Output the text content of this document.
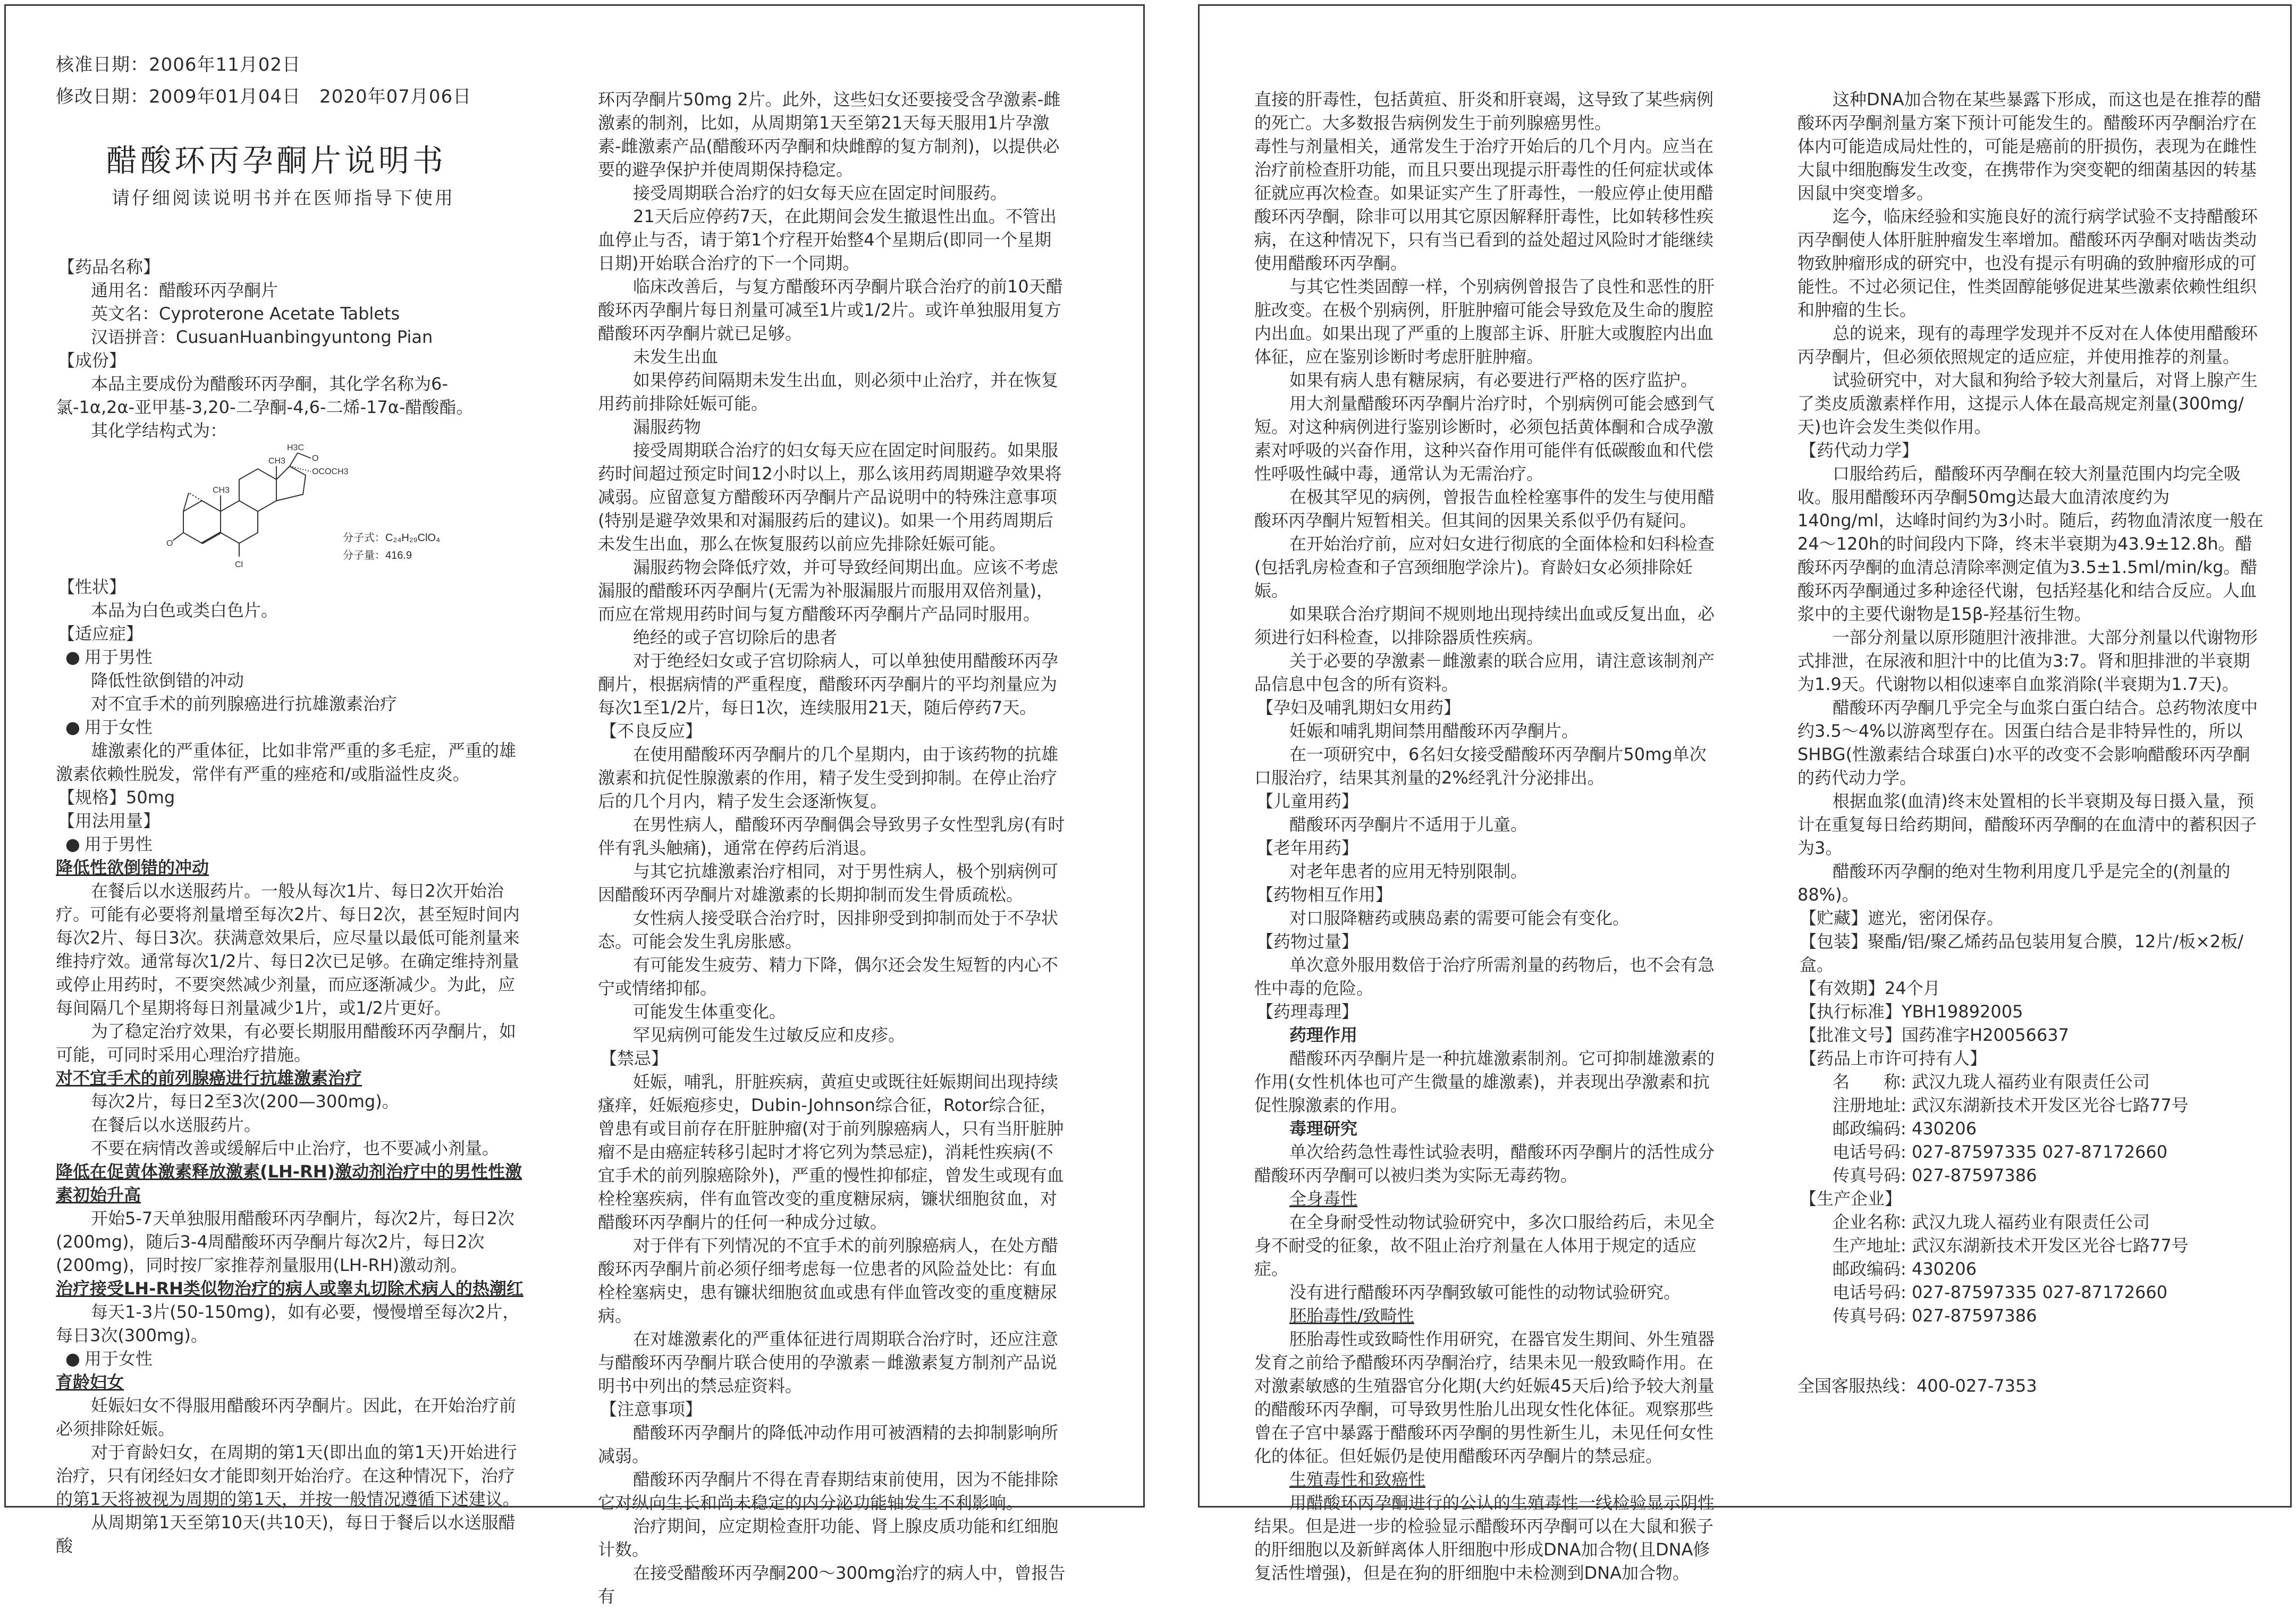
核准日期：2006年11月02日
修改日期：2009年01月04日　2020年07月06日
醋酸环丙孕酮片说明书
请仔细阅读说明书并在医师指导下使用
【药品名称】
通用名：醋酸环丙孕酮片
英文名：Cyproterone Acetate Tablets
汉语拼音：CusuanHuanbingyuntong Pian
【成份】
本品主要成份为醋酸环丙孕酮，其化学名称为6-氯-1α,2α-亚甲基-3,20-二孕酮-4,6-二烯-17α-醋酸酯。
其化学结构式为：
O
Cl
CH3
CH3
H3C
O
OCOCH3
分子式：C₂₄H₂₉ClO₄
分子量：416.9
【性状】
本品为白色或类白色片。
【适应症】
● 用于男性
降低性欲倒错的冲动
对不宜手术的前列腺癌进行抗雄激素治疗
● 用于女性
雄激素化的严重体征，比如非常严重的多毛症，严重的雄激素依赖性脱发，常伴有严重的痤疮和/或脂溢性皮炎。
【规格】50mg
【用法用量】
● 用于男性
降低性欲倒错的冲动
在餐后以水送服药片。一般从每次1片、每日2次开始治疗。可能有必要将剂量增至每次2片、每日2次，甚至短时间内每次2片、每日3次。获满意效果后，应尽量以最低可能剂量来维持疗效。通常每次1/2片、每日2次已足够。在确定维持剂量或停止用药时，不要突然减少剂量，而应逐渐减少。为此，应每间隔几个星期将每日剂量减少1片，或1/2片更好。
为了稳定治疗效果，有必要长期服用醋酸环丙孕酮片，如可能，可同时采用心理治疗措施。
对不宜手术的前列腺癌进行抗雄激素治疗
每次2片，每日2至3次(200—300mg)。
在餐后以水送服药片。
不要在病情改善或缓解后中止治疗，也不要减小剂量。
降低在促黄体激素释放激素(LH-RH)激动剂治疗中的男性性激素初始升高
开始5-7天单独服用醋酸环丙孕酮片，每次2片，每日2次(200mg)，随后3-4周醋酸环丙孕酮片每次2片，每日2次(200mg)，同时按厂家推荐剂量服用(LH-RH)激动剂。
治疗接受LH-RH类似物治疗的病人或睾丸切除术病人的热潮红
每天1-3片(50-150mg)，如有必要，慢慢增至每次2片，每日3次(300mg)。
● 用于女性
育龄妇女
妊娠妇女不得服用醋酸环丙孕酮片。因此，在开始治疗前必须排除妊娠。
对于育龄妇女，在周期的第1天(即出血的第1天)开始进行治疗，只有闭经妇女才能即刻开始治疗。在这种情况下，治疗的第1天将被视为周期的第1天，并按一般情况遵循下述建议。
从周期第1天至第10天(共10天)，每日于餐后以水送服醋酸
环丙孕酮片50mg 2片。此外，这些妇女还要接受含孕激素-雌激素的制剂，比如，从周期第1天至第21天每天服用1片孕激素-雌激素产品(醋酸环丙孕酮和炔雌醇的复方制剂)，以提供必要的避孕保护并使周期保持稳定。
接受周期联合治疗的妇女每天应在固定时间服药。
21天后应停药7天，在此期间会发生撤退性出血。不管出血停止与否，请于第1个疗程开始整4个星期后(即同一个星期日期)开始联合治疗的下一个同期。
临床改善后，与复方醋酸环丙孕酮片联合治疗的前10天醋酸环丙孕酮片每日剂量可减至1片或1/2片。或许单独服用复方醋酸环丙孕酮片就已足够。
未发生出血
如果停药间隔期未发生出血，则必须中止治疗，并在恢复用药前排除妊娠可能。
漏服药物
接受周期联合治疗的妇女每天应在固定时间服药。如果服药时间超过预定时间12小时以上，那么该用药周期避孕效果将减弱。应留意复方醋酸环丙孕酮片产品说明中的特殊注意事项(特别是避孕效果和对漏服药后的建议)。如果一个用药周期后未发生出血，那么在恢复服药以前应先排除妊娠可能。
漏服药物会降低疗效，并可导致经间期出血。应该不考虑漏服的醋酸环丙孕酮片(无需为补服漏服片而服用双倍剂量)，而应在常规用药时间与复方醋酸环丙孕酮片产品同时服用。
绝经的或子宫切除后的患者
对于绝经妇女或子宫切除病人，可以单独使用醋酸环丙孕酮片，根据病情的严重程度，醋酸环丙孕酮片的平均剂量应为每次1至1/2片，每日1次，连续服用21天，随后停药7天。
【不良反应】
在使用醋酸环丙孕酮片的几个星期内，由于该药物的抗雄激素和抗促性腺激素的作用，精子发生受到抑制。在停止治疗后的几个月内，精子发生会逐渐恢复。
在男性病人，醋酸环丙孕酮偶会导致男子女性型乳房(有时伴有乳头触痛)，通常在停药后消退。
与其它抗雄激素治疗相同，对于男性病人，极个别病例可因醋酸环丙孕酮片对雄激素的长期抑制而发生骨质疏松。
女性病人接受联合治疗时，因排卵受到抑制而处于不孕状态。可能会发生乳房胀感。
有可能发生疲劳、精力下降，偶尔还会发生短暂的内心不宁或情绪抑郁。
可能发生体重变化。
罕见病例可能发生过敏反应和皮疹。
【禁忌】
妊娠，哺乳，肝脏疾病，黄疸史或既往妊娠期间出现持续瘙痒，妊娠疱疹史，Dubin-Johnson综合征，Rotor综合征，曾患有或目前存在肝脏肿瘤(对于前列腺癌病人，只有当肝脏肿瘤不是由癌症转移引起时才将它列为禁忌症)，消耗性疾病(不宜手术的前列腺癌除外)，严重的慢性抑郁症，曾发生或现有血栓栓塞疾病，伴有血管改变的重度糖尿病，镰状细胞贫血，对醋酸环丙孕酮片的任何一种成分过敏。
对于伴有下列情况的不宜手术的前列腺癌病人，在处方醋酸环丙孕酮片前必须仔细考虑每一位患者的风险益处比：有血栓栓塞病史，患有镰状细胞贫血或患有伴血管改变的重度糖尿病。
在对雄激素化的严重体征进行周期联合治疗时，还应注意与醋酸环丙孕酮片联合使用的孕激素－雌激素复方制剂产品说明书中列出的禁忌症资料。
【注意事项】
醋酸环丙孕酮片的降低冲动作用可被酒精的去抑制影响所减弱。
醋酸环丙孕酮片不得在青春期结束前使用，因为不能排除它对纵向生长和尚未稳定的内分泌功能轴发生不利影响。
治疗期间，应定期检查肝功能、肾上腺皮质功能和红细胞计数。
在接受醋酸环丙孕酮200～300mg治疗的病人中，曾报告有
直接的肝毒性，包括黄疸、肝炎和肝衰竭，这导致了某些病例的死亡。大多数报告病例发生于前列腺癌男性。
毒性与剂量相关，通常发生于治疗开始后的几个月内。应当在治疗前检查肝功能，而且只要出现提示肝毒性的任何症状或体征就应再次检查。如果证实产生了肝毒性，一般应停止使用醋酸环丙孕酮，除非可以用其它原因解释肝毒性，比如转移性疾病，在这种情况下，只有当已看到的益处超过风险时才能继续使用醋酸环丙孕酮。
与其它性类固醇一样，个别病例曾报告了良性和恶性的肝脏改变。在极个别病例，肝脏肿瘤可能会导致危及生命的腹腔内出血。如果出现了严重的上腹部主诉、肝脏大或腹腔内出血体征，应在鉴别诊断时考虑肝脏肿瘤。
如果有病人患有糖尿病，有必要进行严格的医疗监护。
用大剂量醋酸环丙孕酮片治疗时，个别病例可能会感到气短。对这种病例进行鉴别诊断时，必须包括黄体酮和合成孕激素对呼吸的兴奋作用，这种兴奋作用可能伴有低碳酸血和代偿性呼吸性碱中毒，通常认为无需治疗。
在极其罕见的病例，曾报告血栓栓塞事件的发生与使用醋酸环丙孕酮片短暂相关。但其间的因果关系似乎仍有疑问。
在开始治疗前，应对妇女进行彻底的全面体检和妇科检查(包括乳房检查和子宫颈细胞学涂片)。育龄妇女必须排除妊娠。
如果联合治疗期间不规则地出现持续出血或反复出血，必须进行妇科检查，以排除器质性疾病。
关于必要的孕激素－雌激素的联合应用，请注意该制剂产品信息中包含的所有资料。
【孕妇及哺乳期妇女用药】
妊娠和哺乳期间禁用醋酸环丙孕酮片。
在一项研究中，6名妇女接受醋酸环丙孕酮片50mg单次口服治疗，结果其剂量的2%经乳汁分泌排出。
【儿童用药】
醋酸环丙孕酮片不适用于儿童。
【老年用药】
对老年患者的应用无特别限制。
【药物相互作用】
对口服降糖药或胰岛素的需要可能会有变化。
【药物过量】
单次意外服用数倍于治疗所需剂量的药物后，也不会有急性中毒的危险。
【药理毒理】
药理作用
醋酸环丙孕酮片是一种抗雄激素制剂。它可抑制雄激素的作用(女性机体也可产生微量的雄激素)，并表现出孕激素和抗促性腺激素的作用。
毒理研究
单次给药急性毒性试验表明，醋酸环丙孕酮片的活性成分醋酸环丙孕酮可以被归类为实际无毒药物。
全身毒性
在全身耐受性动物试验研究中，多次口服给药后，未见全身不耐受的征象，故不阻止治疗剂量在人体用于规定的适应症。
没有进行醋酸环丙孕酮致敏可能性的动物试验研究。
胚胎毒性/致畸性
胚胎毒性或致畸性作用研究，在器官发生期间、外生殖器发育之前给予醋酸环丙孕酮治疗，结果未见一般致畸作用。在对激素敏感的生殖器官分化期(大约妊娠45天后)给予较大剂量的醋酸环丙孕酮，可导致男性胎儿出现女性化体征。观察那些曾在子宫中暴露于醋酸环丙孕酮的男性新生儿，未见任何女性化的体征。但妊娠仍是使用醋酸环丙孕酮片的禁忌症。
生殖毒性和致癌性
用醋酸环丙孕酮进行的公认的生殖毒性一线检验显示阴性结果。但是进一步的检验显示醋酸环丙孕酮可以在大鼠和猴子的肝细胞以及新鲜离体人肝细胞中形成DNA加合物(且DNA修复活性增强)，但是在狗的肝细胞中未检测到DNA加合物。
这种DNA加合物在某些暴露下形成，而这也是在推荐的醋酸环丙孕酮剂量方案下预计可能发生的。醋酸环丙孕酮治疗在体内可能造成局灶性的，可能是癌前的肝损伤，表现为在雌性大鼠中细胞酶发生改变，在携带作为突变靶的细菌基因的转基因鼠中突变增多。
迄今，临床经验和实施良好的流行病学试验不支持醋酸环丙孕酮使人体肝脏肿瘤发生率增加。醋酸环丙孕酮对啮齿类动物致肿瘤形成的研究中，也没有提示有明确的致肿瘤形成的可能性。不过必须记住，性类固醇能够促进某些激素依赖性组织和肿瘤的生长。
总的说来，现有的毒理学发现并不反对在人体使用醋酸环丙孕酮片，但必须依照规定的适应症，并使用推荐的剂量。
试验研究中，对大鼠和狗给予较大剂量后，对肾上腺产生了类皮质激素样作用，这提示人体在最高规定剂量(300mg/天)也许会发生类似作用。
【药代动力学】
口服给药后，醋酸环丙孕酮在较大剂量范围内均完全吸收。服用醋酸环丙孕酮50mg达最大血清浓度约为140ng/ml，达峰时间约为3小时。随后，药物血清浓度一般在24～120h的时间段内下降，终末半衰期为43.9±12.8h。醋酸环丙孕酮的血清总清除率测定值为3.5±1.5ml/min/kg。醋酸环丙孕酮通过多种途径代谢，包括羟基化和结合反应。人血浆中的主要代谢物是15β-羟基衍生物。
一部分剂量以原形随胆汁液排泄。大部分剂量以代谢物形式排泄，在尿液和胆汁中的比值为3:7。肾和胆排泄的半衰期为1.9天。代谢物以相似速率自血浆消除(半衰期为1.7天)。
醋酸环丙孕酮几乎完全与血浆白蛋白结合。总药物浓度中约3.5～4%以游离型存在。因蛋白结合是非特异性的，所以SHBG(性激素结合球蛋白)水平的改变不会影响醋酸环丙孕酮的药代动力学。
根据血浆(血清)终末处置相的长半衰期及每日摄入量，预计在重复每日给药期间，醋酸环丙孕酮的在血清中的蓄积因子为3。
醋酸环丙孕酮的绝对生物利用度几乎是完全的(剂量的88%)。
【贮藏】遮光，密闭保存。
【包装】聚酯/铝/聚乙烯药品包装用复合膜，12片/板×2板/盒。
【有效期】24个月
【执行标准】YBH19892005
【批准文号】国药准字H20056637
【药品上市许可持有人】
名　　称: 武汉九珑人福药业有限责任公司
注册地址: 武汉东湖新技术开发区光谷七路77号
邮政编码: 430206
电话号码: 027-87597335 027-87172660
传真号码: 027-87597386
【生产企业】
企业名称: 武汉九珑人福药业有限责任公司
生产地址: 武汉东湖新技术开发区光谷七路77号
邮政编码: 430206
电话号码: 027-87597335 027-87172660
传真号码: 027-87597386
全国客服热线：400-027-7353
